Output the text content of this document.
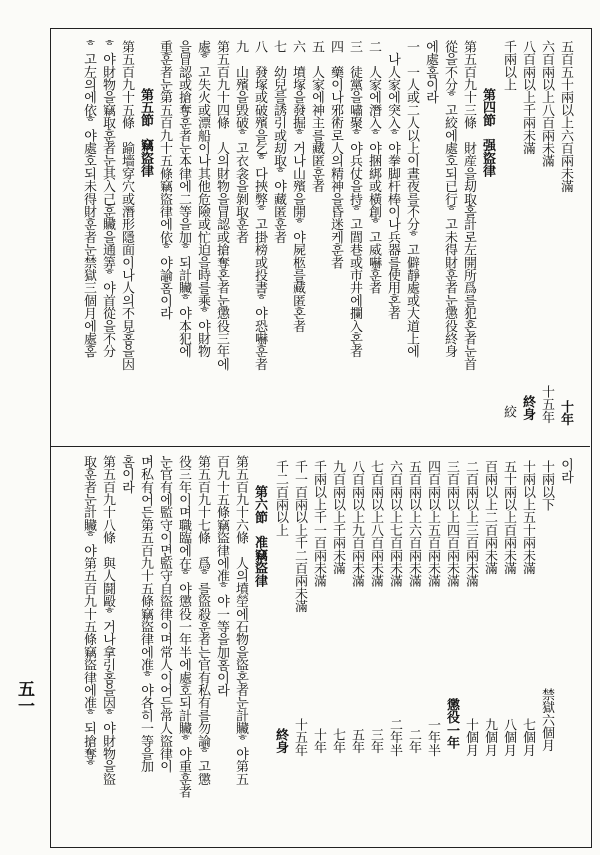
五百五十兩以上六百兩未滿
六百兩以上八百兩未滿
八百兩以上千兩未滿
千兩以上
十年
十五年
終身
絞
第四節　强盜律
第五百九十三條　財産을刧取홀計로左開所爲를犯혼者눈首
從을不分ᄒ고絞에處호되已行ᄒ고未得財훈者눈懲役終身
에處홈이라
一　一人或二人以上이晝夜를不分ᄒ고僻靜處或大道上에
　나人家에突入ᄒ야拳脚杆棒이나兵器를使用혼者
二　人家에潛入ᄒ야捆綁或橫創ᄒ고威嚇훈者
三　徒黨을嘯聚ᄒ야兵仗을持ᄒ고閭巷或市井에攔入혼者
四　藥이나邪術로人의精神을昏迷케훈者
五　人家에神主를藏匿훈者
六　墳塚을發掘ᄒ거나山殯을開ᄒ야屍柩를藏匿혼者
七　幼兒를誘引或刧取ᄒ야藏匿훈者
八　發塚或破殯을乞ᄒ다挾弊ᄒ고掛榜或投書ᄒ야恐嚇훈者
九　山殯을毁破ᄒ고衣衾을剝取훈者
第五百九十四條　人의財物을冒認或搶奪혼者눈懲役三年에
處ᄒ고失火或漂船이나其他危險或忙迫을時를乘ᄒ야財物
을冒認或搶奪훈者눈本律에二等을加ᄒ되計贜ᄒ야本犯에
重훈者눈第五百九十五條竊盜律에依ᄒ야論홈이라
第五節　竊盜律
第五百九十五條　踰墻穿穴或潛形隱面이나人의不見홈을因
ᄒ야財物을竊取훈者눈其入己훈贜을通筭ᄒ야首從을不分
ᄒ고左의에依ᄒ야處호되未得財훈者눈禁獄三個月에處홈
이라
十兩以下
十兩以上五十兩未滿
五十兩以上百兩未滿
百兩以上二百兩未滿
二百兩以上三百兩未滿
三百兩以上四百兩未滿
四百兩以上五百兩未滿
五百兩以上六百兩未滿
六百兩以上七百兩未滿
七百兩以上八百兩未滿
八百兩以上九百兩未滿
九百兩以上千兩未滿
千兩以上千一百兩未滿
千一百兩以上千二百兩未滿
千二百兩以上
禁獄六個月
七個月
八個月
九個月
十個月
懲役一年
一年半
二年
二年半
三年
五年
七年
十年
十五年
終身
第六節　准竊盜律
第五百九十六條　人의墳塋에石物을盜혼者눈計贜ᄒ야第五
百九十五條竊盜律에准ᄒ야一等을加홈이라
第五百九十七條　爲ᄒ를盜殺훈者는官有私有를勿論ᄒ고懲
役三年이며職臨에在ᄒ야懲役一年半에處호되計贜ᄒ야重훈者
눈官有에監守이면監守自盜律이며常人이어든常人盜律이
며私有어든第五百九十五條竊盜律에准ᄒ야各히一等을加
홈이라
第五百九十八條　與人鬪毆ᄒ거나拿引홈을因ᄒ야財物을盜
取훈者눈計贜ᄒ야第五百九十五條竊盜律에准ᄒ되搶奪ᄒ
五一
